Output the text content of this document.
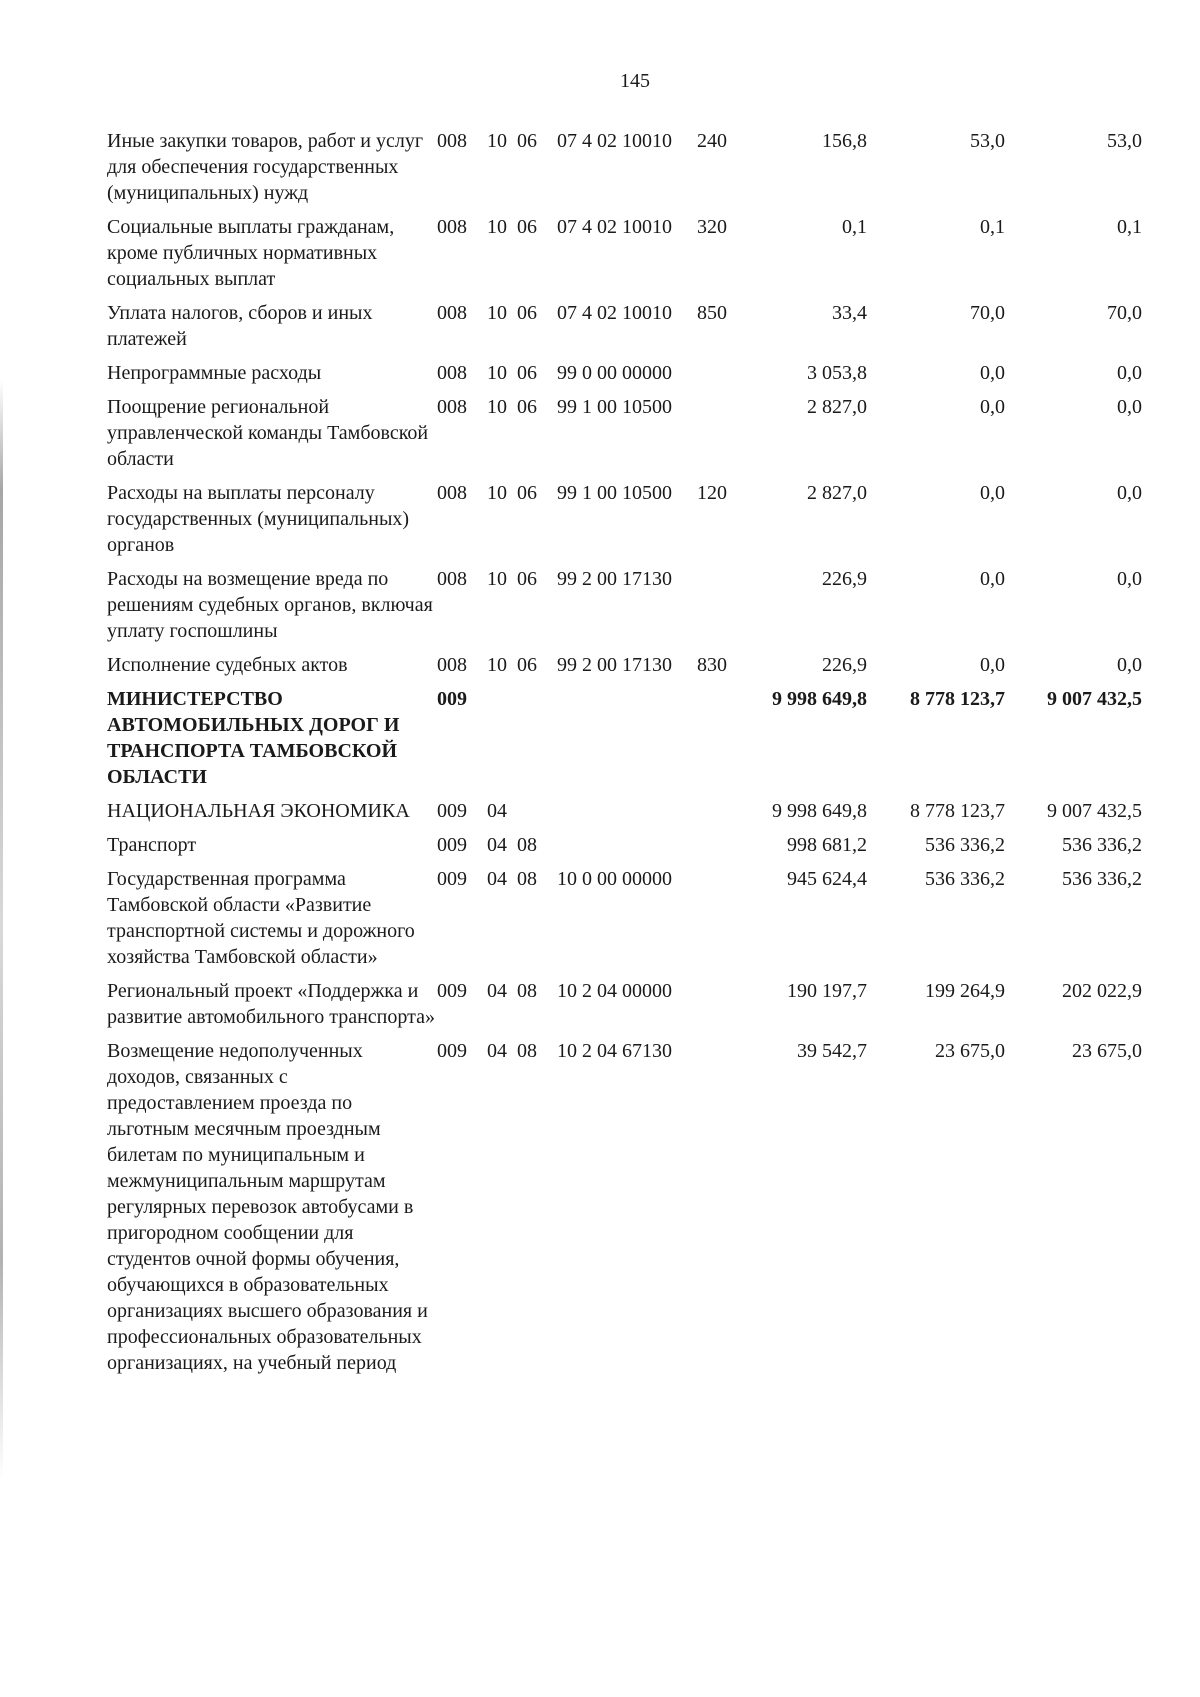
145
Иные закупки товаров, работ и услуг для обеспечения государственных (муниципальных) нужд	008	10	06	07 4 02 10010	240	156,8	53,0	53,0
Социальные выплаты гражданам, кроме публичных нормативных социальных выплат	008	10	06	07 4 02 10010	320	0,1	0,1	0,1
Уплата налогов, сборов и иных платежей	008	10	06	07 4 02 10010	850	33,4	70,0	70,0
Непрограммные расходы	008	10	06	99 0 00 00000		3 053,8	0,0	0,0
Поощрение региональной управленческой команды Тамбовской области	008	10	06	99 1 00 10500		2 827,0	0,0	0,0
Расходы на выплаты персоналу государственных (муниципальных) органов	008	10	06	99 1 00 10500	120	2 827,0	0,0	0,0
Расходы на возмещение вреда по решениям судебных органов, включая уплату госпошлины	008	10	06	99 2 00 17130		226,9	0,0	0,0
Исполнение судебных актов	008	10	06	99 2 00 17130	830	226,9	0,0	0,0
МИНИСТЕРСТВО АВТОМОБИЛЬНЫХ ДОРОГ И ТРАНСПОРТА ТАМБОВСКОЙ ОБЛАСТИ	009					9 998 649,8	8 778 123,7	9 007 432,5
НАЦИОНАЛЬНАЯ ЭКОНОМИКА	009	04				9 998 649,8	8 778 123,7	9 007 432,5
Транспорт	009	04	08			998 681,2	536 336,2	536 336,2
Государственная программа Тамбовской области «Развитие транспортной системы и дорожного хозяйства Тамбовской области»	009	04	08	10 0 00 00000		945 624,4	536 336,2	536 336,2
Региональный проект «Поддержка и развитие автомобильного транспорта»	009	04	08	10 2 04 00000		190 197,7	199 264,9	202 022,9
Возмещение недополученных доходов, связанных с предоставлением проезда по льготным месячным проездным билетам по муниципальным и межмуниципальным маршрутам регулярных перевозок автобусами в пригородном сообщении для студентов очной формы обучения, обучающихся в образовательных организациях высшего образования и профессиональных образовательных организациях, на учебный период	009	04	08	10 2 04 67130		39 542,7	23 675,0	23 675,0
